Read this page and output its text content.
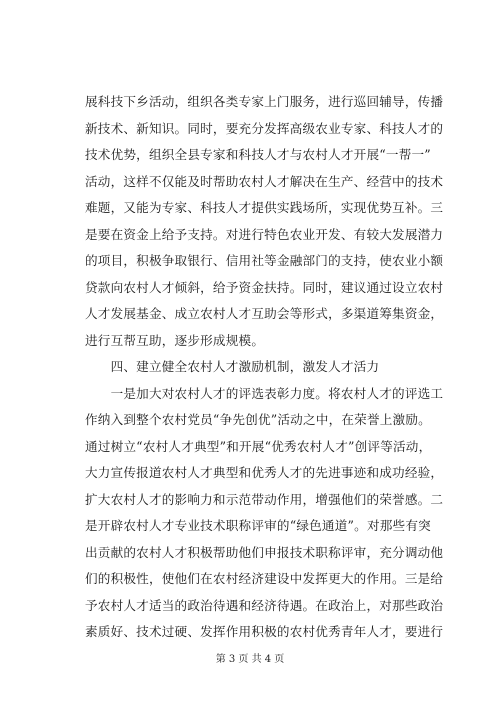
展科技下乡活动，组织各类专家上门服务，进行巡回辅导，传播
新技术、新知识。同时，要充分发挥高级农业专家、科技人才的
技术优势，组织全县专家和科技人才与农村人才开展“一帮一”
活动，这样不仅能及时帮助农村人才解决在生产、经营中的技术
难题，又能为专家、科技人才提供实践场所，实现优势互补。三
是要在资金上给予支持。对进行特色农业开发、有较大发展潜力
的项目，积极争取银行、信用社等金融部门的支持，使农业小额
贷款向农村人才倾斜，给予资金扶持。同时，建议通过设立农村
人才发展基金、成立农村人才互助会等形式，多渠道筹集资金，
进行互帮互助，逐步形成规模。
　　四、建立健全农村人才激励机制，激发人才活力
　　一是加大对农村人才的评选表彰力度。将农村人才的评选工
作纳入到整个农村党员“争先创优”活动之中，在荣誉上激励。
通过树立“农村人才典型”和开展“优秀农村人才”创评等活动，
大力宣传报道农村人才典型和优秀人才的先进事迹和成功经验，
扩大农村人才的影响力和示范带动作用，增强他们的荣誉感。二
是开辟农村人才专业技术职称评审的“绿色通道”。对那些有突
出贡献的农村人才积极帮助他们申报技术职称评审，充分调动他
们的积极性，使他们在农村经济建设中发挥更大的作用。三是给
予农村人才适当的政治待遇和经济待遇。在政治上，对那些政治
素质好、技术过硬、发挥作用积极的农村优秀青年人才，要进行
第 3 页 共 4 页
